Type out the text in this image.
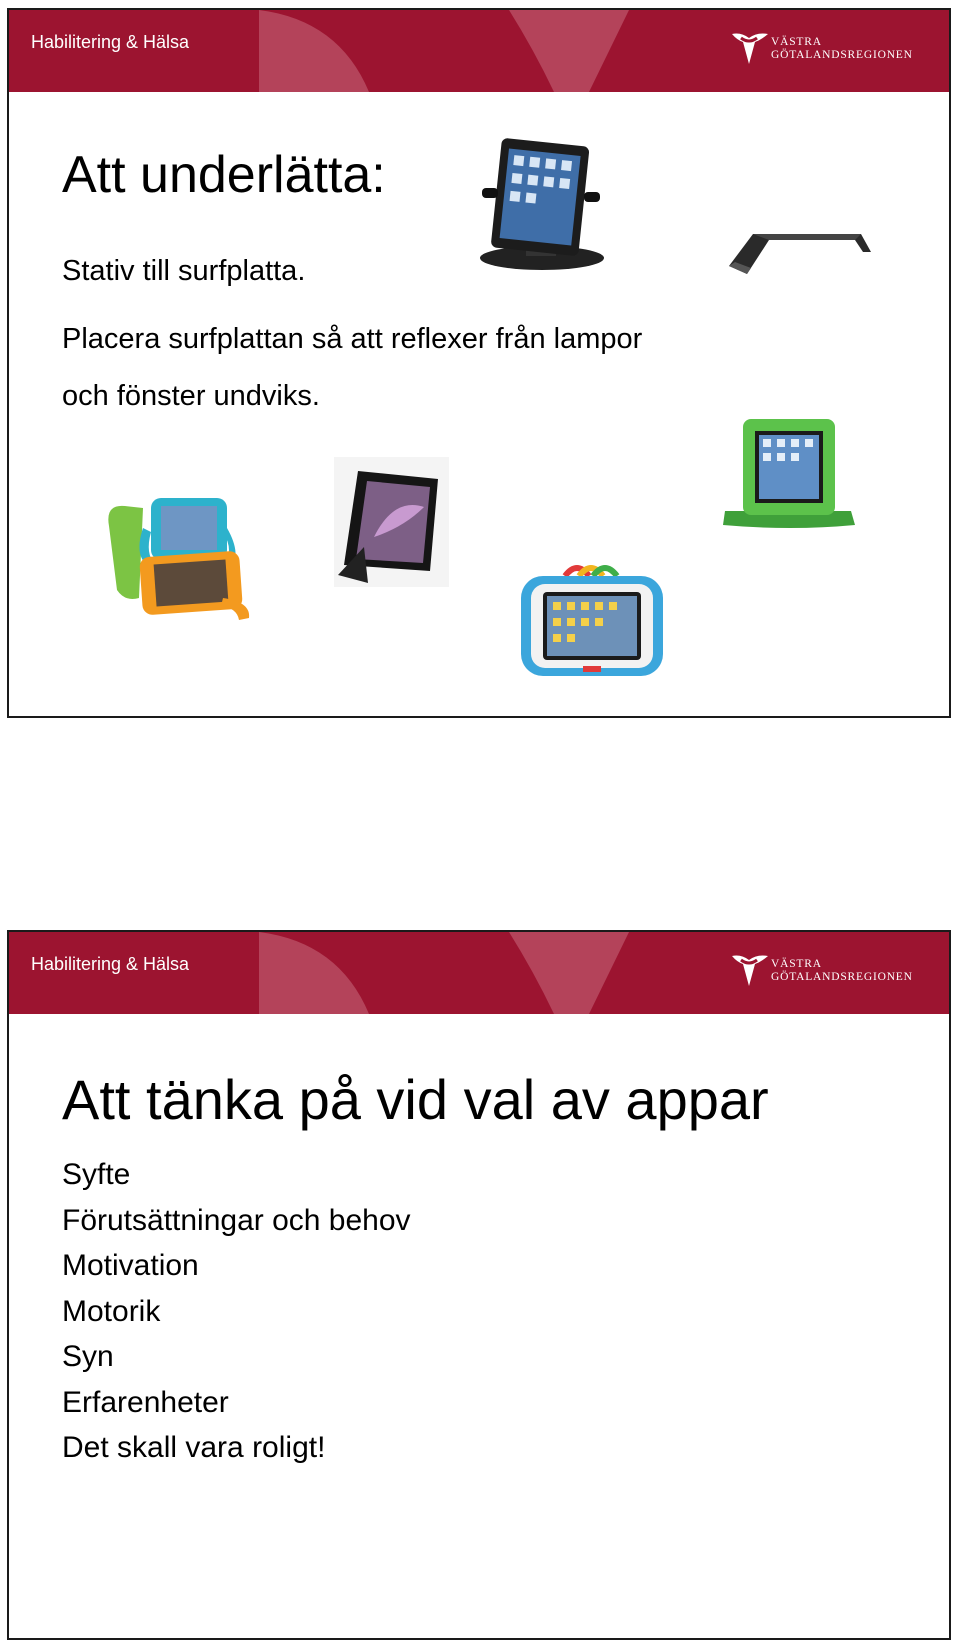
Habilitering & Hälsa	VÄSTRA
GÖTALANDSREGIONEN
Att underlätta:
Stativ till surfplatta.
Placera surfplattan så att reflexer från lampor
och fönster undviks.
Habilitering & Hälsa	VÄSTRA
GÖTALANDSREGIONEN
Att tänka på vid val av appar
Syfte
Förutsättningar och behov
Motivation
Motorik
Syn
Erfarenheter
Det skall vara roligt!
